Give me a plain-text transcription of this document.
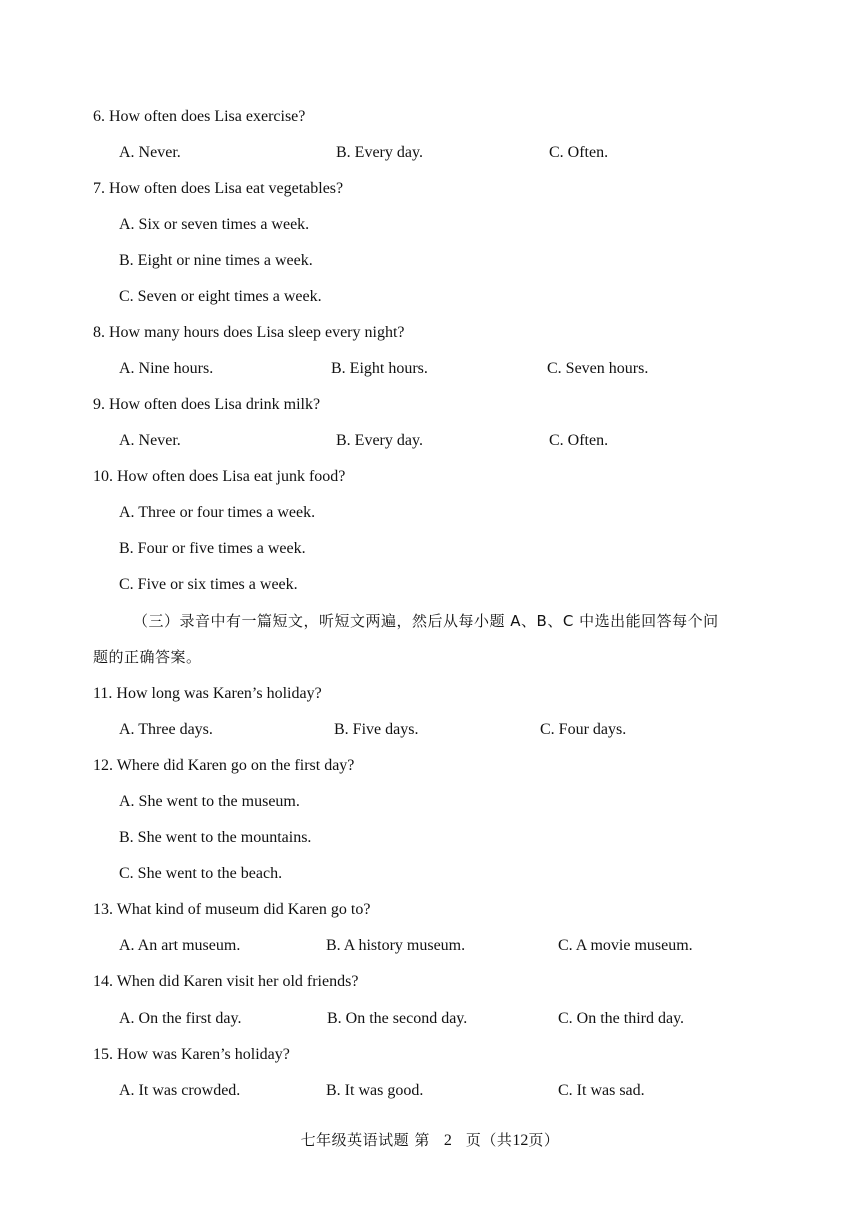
6. How often does Lisa exercise?
A. Never.	B. Every day.	C. Often.
7. How often does Lisa eat vegetables?
A. Six or seven times a week.
B. Eight or nine times a week.
C. Seven or eight times a week.
8. How many hours does Lisa sleep every night?
A. Nine hours.	B. Eight hours.	C. Seven hours.
9. How often does Lisa drink milk?
A. Never.	B. Every day.	C. Often.
10. How often does Lisa eat junk food?
A. Three or four times a week.
B. Four or five times a week.
C. Five or six times a week.
（三）录音中有一篇短文，听短文两遍，然后从每小题 A、B、C 中选出能回答每个问
题的正确答案。
11. How long was Karen’s holiday?
A. Three days.	B. Five days.	C. Four days.
12. Where did Karen go on the first day?
A. She went to the museum.
B. She went to the mountains.
C. She went to the beach.
13. What kind of museum did Karen go to?
A. An art museum.	B. A history museum.	C. A movie museum.
14. When did Karen visit her old friends?
A. On the first day.	B. On the second day.	C. On the third day.
15. How was Karen’s holiday?
A. It was crowded.	B. It was good.	C. It was sad.
七年级英语试题 第 2 页（共12页）
